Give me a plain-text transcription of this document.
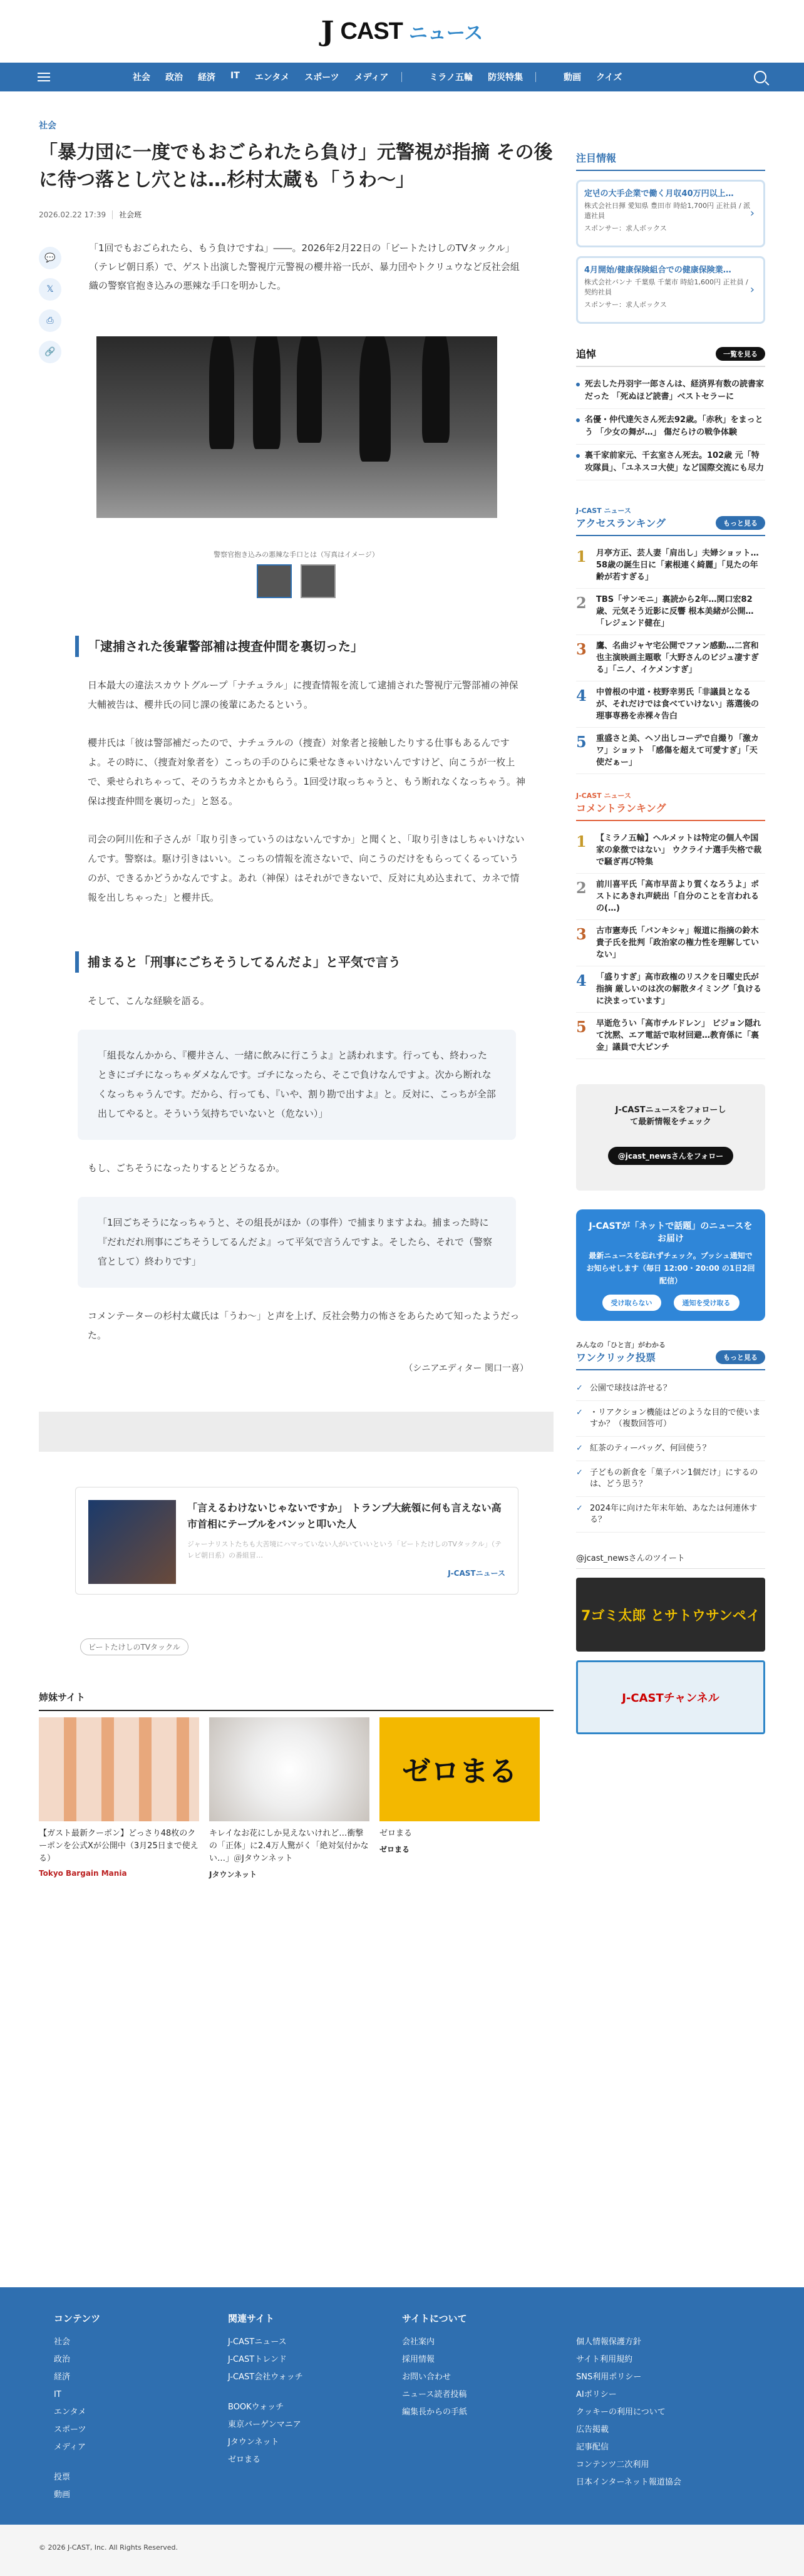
J CAST ニュース
社会	政治	経済	IT	エンタメ	スポーツ	メディア	ミラノ五輪	防災特集	動画	クイズ
社会
「暴力団に一度でもおごられたら負け」元警視が指摘 その後に待つ落とし穴とは…杉村太蔵も「うわ～」
2026.02.22 17:39 社会班
💬
𝕏
⎙
🔗
「1回でもおごられたら、もう負けですね」――。2026年2月22日の「ビートたけしのTVタックル」（テレビ朝日系）で、ゲスト出演した警視庁元警視の櫻井裕一氏が、暴力団やトクリュウなど反社会組織の警察官抱き込みの悪辣な手口を明かした。
警察官抱き込みの悪辣な手口とは（写真はイメージ）
「逮捕された後輩警部補は捜査仲間を裏切った」
日本最大の違法スカウトグループ「ナチュラル」に捜査情報を流して逮捕された警視庁元警部補の神保大輔被告は、櫻井氏の同じ課の後輩にあたるという。
櫻井氏は「彼は警部補だったので、ナチュラルの（捜査）対象者と接触したりする仕事もあるんですよ。その時に、（捜査対象者を）こっちの手のひらに乗せなきゃいけないんですけど、向こうが一枚上で、乗せられちゃって、そのうちカネとかもらう。1回受け取っちゃうと、もう断れなくなっちゃう。神保は捜査仲間を裏切った」と怒る。
司会の阿川佐和子さんが「取り引きっていうのはないんですか」と聞くと、「取り引きはしちゃいけないんです。警察は。駆け引きはいい。こっちの情報を流さないで、向こうのだけをもらってくるっていうのが、できるかどうかなんですよ。あれ（神保）はそれができないで、反対に丸め込まれて、カネで情報を出しちゃった」と櫻井氏。
捕まると「刑事にごちそうしてるんだよ」と平気で言う
そして、こんな経験を語る。
「組長なんかから、『櫻井さん、一緒に飲みに行こうよ』と誘われます。行っても、終わったときにゴチになっちゃダメなんです。ゴチになったら、そこで負けなんですよ。次から断れなくなっちゃうんです。だから、行っても、『いや、割り勘で出すよ』と。反対に、こっちが全部出してやると。そういう気持ちでいないと（危ない）」
もし、ごちそうになったりするとどうなるか。
「1回ごちそうになっちゃうと、その組長がほか（の事件）で捕まりますよね。捕まった時に『だれだれ刑事にごちそうしてるんだよ』って平気で言うんですよ。そしたら、それで（警察官として）終わりです」
コメンテーターの杉村太蔵氏は「うわ～」と声を上げ、反社会勢力の怖さをあらためて知ったようだった。
（シニアエディター 関口一喜）
「言えるわけないじゃないですか」 トランプ大統領に何も言えない高市首相にテーブルをバンッと叩いた人
ジャーナリストたちも大苦境にハマっていない人がいていいという「ビートたけしのTVタックル」（テレビ朝日系）の番組冒…
J-CASTニュース
ビートたけしのTVタックル
姉妹サイト
【ガスト最新クーポン】どっさり48枚のクーポンを公式Xが公開中（3月25日まで使える）
Tokyo Bargain Mania
キレイなお花にしか見えないけれど…衝撃の「正体」に2.4万人驚がく「絶対気付かない…」＠Jタウンネット
Jタウンネット
ゼロまる
ゼロまる
ゼロまる
注目情報
定년の大手企業で働く月収40万円以上…
株式会社日揮 愛知県 豊田市 時給1,700円 正社員 / 派遣社員
スポンサー：求人ボックス
›
4月開始/健康保険組合での健康保険業…
株式会社バンナ 千葉県 千葉市 時給1,600円 正社員 / 契約社員
スポンサー：求人ボックス
›
追悼	一覧を見る
死去した丹羽宇一郎さんは、経済界有数の読書家だった 「死ぬほど読書」ベストセラーに
名優・仲代達矢さん死去92歳。「赤秋」をまっとう 「少女の舞が…」 傷だらけの戦争体験
裏千家前家元、千玄室さん死去。102歳 元「特攻隊員」、「ユネスコ大使」など国際交流にも尽力
J-CAST ニュース
アクセスランキング	もっと見る
1 月亭方正、芸人妻「肩出し」夫婦ショット…58歳の誕生日に「素根連く綺麗」「見たの年齢が若すぎる」
2 TBS「サンモニ」裏読から2年…関口宏82歳、元気そう近影に反響 根本美緒が公開…「レジェンド健在」
3 鷹、名曲ジャヤ宅公開でファン感動…二宮和也主演映画主題歌「大野さんのビジュ凄すぎる」「ニノ、イケメンすぎ」
4 中曽根の中道・枝野幸男氏「非議員となるが、それだけでは食べていけない」落選後の理事専務を赤裸々告白
5 重盛さと美、ヘソ出しコーデで自撮り「激カワ」ショット 「感傷を超えて可愛すぎ」「天使だぁー」
J-CAST ニュース
コメントランキング
1 【ミラノ五輪】ヘルメットは特定の個人や国家の象徴ではない」 ウクライナ選手失格で裁で騒ぎ再び特集
2 前川喜平氏「高市早苗より質くなろうよ」ポストにあきれ声続出「自分のことを言われるの(…)
3 古市憲寿氏「バンキシャ」報道に指摘の鈴木貴子氏を批判「政治家の権力性を理解していない」
4 「盛りすぎ」高市政権のリスクを日曜史氏が指摘 厳しいのは次の解散タイミング「負けるに決まっています」
5 早逝危うい「高市チルドレン」 ビジョン隠れて沈黙、エア電話で取材回避…教育係に「裏金」議員で大ピンチ
J-CASTニュースをフォローして最新情報をチェック
@jcast_newsさんをフォロー
J-CASTが「ネットで話題」のニュースをお届け
最新ニュースを忘れずチェック。プッシュ通知でお知らせします（毎日 12:00・20:00 の1日2回配信）
受け取らない	通知を受け取る
みんなの「ひと言」がわかる
ワンクリック投票	もっと見る
✓ 公園で球技は許せる？
✓ ・リアクション機能はどのような目的で使いますか？（複数回答可）
✓ 紅茶のティーバッグ、何回使う？
✓ 子どもの新食を「菓子パン1個だけ」にするのは、どう思う？
✓ 2024年に向けた年末年始、あなたは何連休する？
@jcast_newsさんのツイート
7ゴミ太郎 とサトウサンペイ
J-CASTチャンネル
コンテンツ
社会
政治
経済
IT
エンタメ
スポーツ
メディア
投票
動画
関連サイト
J-CASTニュース
J-CASTトレンド
J-CAST会社ウォッチ
BOOKウォッチ
東京バーゲンマニア
Jタウンネット
ゼロまる
サイトについて
会社案内
採用情報
お問い合わせ
ニュース読者投稿
編集長からの手紙
個人情報保護方針
サイト利用規約
SNS利用ポリシー
AIポリシー
クッキーの利用について
広告掲載
記事配信
コンテンツ二次利用
日本インターネット報道協会
© 2026 J-CAST, Inc. All Rights Reserved.
